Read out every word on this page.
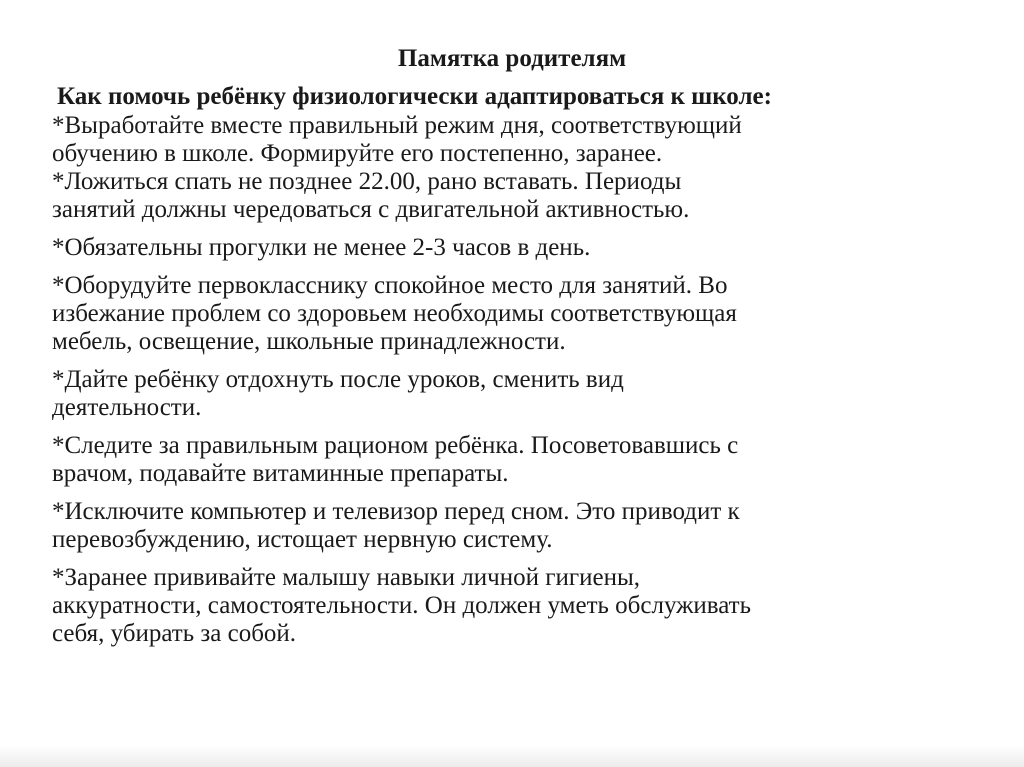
Памятка родителям
Как помочь ребёнку физиологически адаптироваться к школе:

*Выработайте вместе правильный режим дня, соответствующий
обучению в школе. Формируйте его постепенно, заранее.

*Ложиться спать не позднее 22.00, рано вставать. Периоды
занятий должны чередоваться с двигательной активностью.

*Обязательны прогулки не менее 2-3 часов в день.

*Оборудуйте первокласснику спокойное место для занятий. Во
избежание проблем со здоровьем необходимы соответствующая
мебель, освещение, школьные принадлежности.

*Дайте ребёнку отдохнуть после уроков, сменить вид
деятельности.

*Следите за правильным рационом ребёнка. Посоветовавшись с
врачом, подавайте витаминные препараты.

*Исключите компьютер и телевизор перед сном. Это приводит к
перевозбуждению, истощает нервную систему.

*Заранее прививайте малышу навыки личной гигиены,
аккуратности, самостоятельности. Он должен уметь обслуживать
себя, убирать за собой.
